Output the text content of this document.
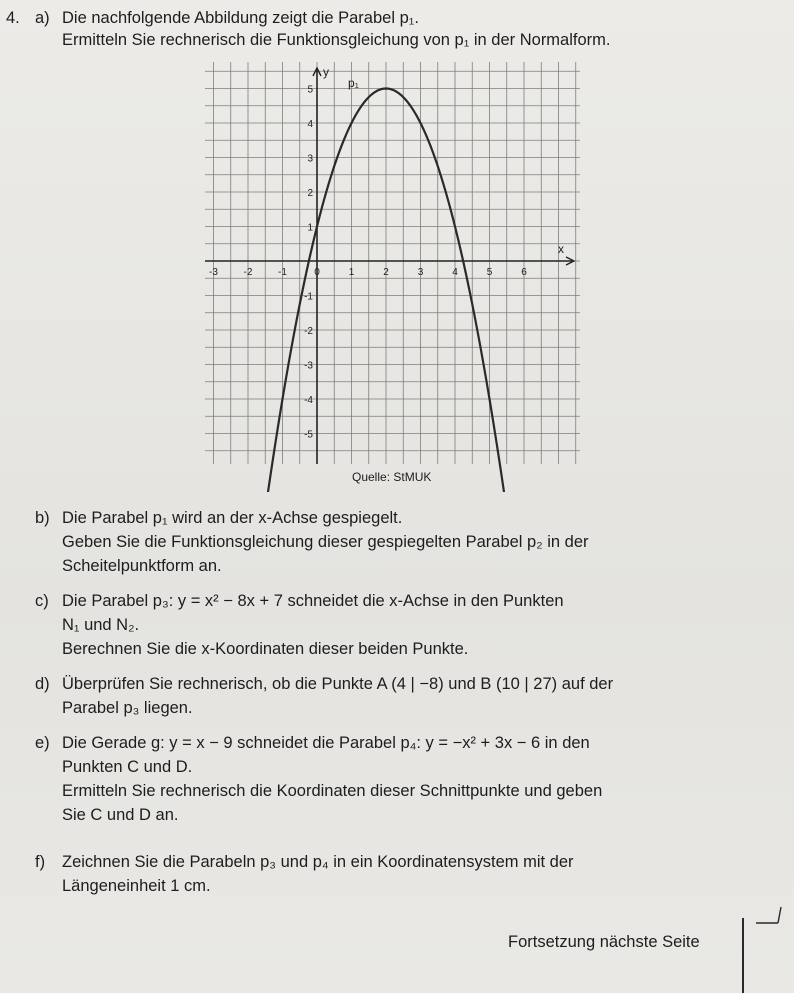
4. a) Die nachfolgende Abbildung zeigt die Parabel p₁.
Ermitteln Sie rechnerisch die Funktionsgleichung von p₁ in der Normalform.
-3	-2	-1	0	1	2	3	4	5	6
-5
-4
-3
-2
-1
1
2
3
4
5
p₁
x
y
Quelle: StMUK
b) Die Parabel p₁ wird an der x-Achse gespiegelt.
Geben Sie die Funktionsgleichung dieser gespiegelten Parabel p₂ in der
Scheitelpunktform an.
c) Die Parabel p₃: y = x² − 8x + 7 schneidet die x-Achse in den Punkten
N₁ und N₂.
Berechnen Sie die x-Koordinaten dieser beiden Punkte.
d) Überprüfen Sie rechnerisch, ob die Punkte A (4 | −8) und B (10 | 27) auf der
Parabel p₃ liegen.
e) Die Gerade g: y = x − 9 schneidet die Parabel p₄: y = −x² + 3x − 6 in den
Punkten C und D.
Ermitteln Sie rechnerisch die Koordinaten dieser Schnittpunkte und geben
Sie C und D an.
f) Zeichnen Sie die Parabeln p₃ und p₄ in ein Koordinatensystem mit der
Längeneinheit 1 cm.
Fortsetzung nächste Seite
